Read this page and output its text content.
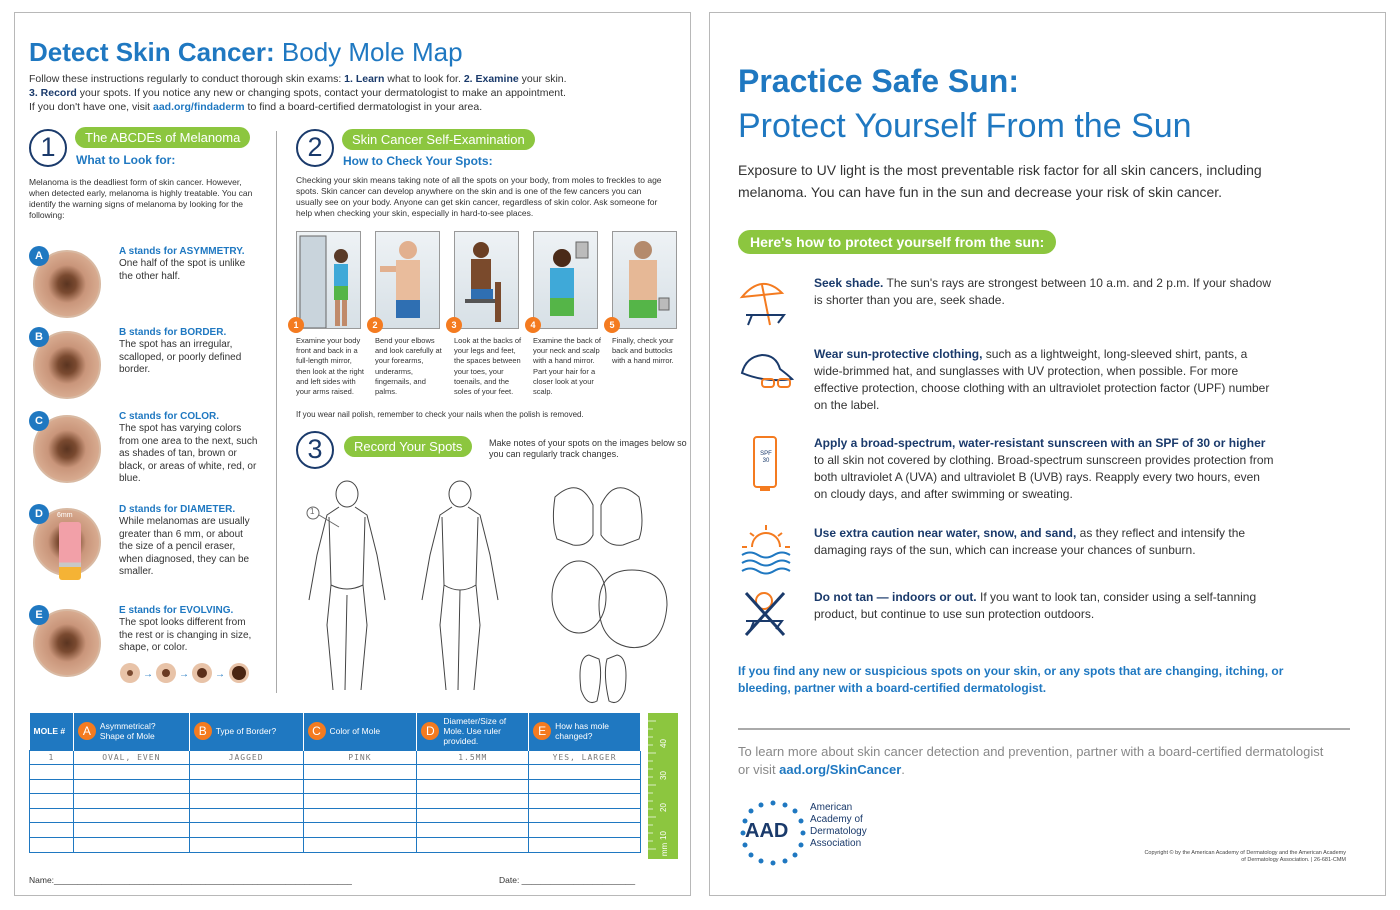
Detect Skin Cancer: Body Mole Map
Follow these instructions regularly to conduct thorough skin exams: 1. Learn what to look for. 2. Examine your skin.
3. Record your spots. If you notice any new or changing spots, contact your dermatologist to make an appointment.
If you don't have one, visit aad.org/findaderm to find a board-certified dermatologist in your area.
1	The ABCDEs of Melanoma
What to Look for:
Melanoma is the deadliest form of skin cancer. However, when detected early, melanoma is highly treatable. You can identify the warning signs of melanoma by looking for the following:
A	A stands for ASYMMETRY.
One half of the spot is unlike the other half.
B	B stands for BORDER.
The spot has an irregular, scalloped, or poorly defined border.
C	C stands for COLOR.
The spot has varying colors from one area to the next, such as shades of tan, brown or black, or areas of white, red, or blue.
6mm
D	D stands for DIAMETER.
While melanomas are usually greater than 6 mm, or about the size of a pencil eraser, when diagnosed, they can be smaller.
E	E stands for EVOLVING.
The spot looks different from the rest or is changing in size, shape, or color.
→	→	→
2	Skin Cancer Self-Examination
How to Check Your Spots:
Checking your skin means taking note of all the spots on your body, from moles to freckles to age spots. Skin cancer can develop anywhere on the skin and is one of the few cancers you can usually see on your body. Anyone can get skin cancer, regardless of skin color. Ask someone for help when checking your skin, especially in hard-to-see places.
1	2	3	4	5
Examine your body front and back in a full-length mirror, then look at the right and left sides with your arms raised.
Bend your elbows and look carefully at your forearms, underarms, fingernails, and palms.
Look at the backs of your legs and feet, the spaces between your toes, your toenails, and the soles of your feet.
Examine the back of your neck and scalp with a hand mirror. Part your hair for a closer look at your scalp.
Finally, check your back and buttocks with a hand mirror.
If you wear nail polish, remember to check your nails when the polish is removed.
3	Record Your Spots	Make notes of your spots on the images below so you can regularly track changes.
1
MOLE #	A Asymmetrical? Shape of Mole	B Type of Border?	C Color of Mole	DDiameter/Size of Mole. Use ruler provided.	E How has mole changed?
1	OVAL, EVEN	JAGGED	PINK	1.5MM	YES, LARGER

40
30
20
10
mm
Name:_______________________________________________________________	Date: ________________________
Practice Safe Sun:
Protect Yourself From the Sun
Exposure to UV light is the most preventable risk factor for all skin cancers, including melanoma. You can have fun in the sun and decrease your risk of skin cancer.
Here's how to protect yourself from the sun:
Seek shade. The sun's rays are strongest between 10 a.m. and 2 p.m. If your shadow is shorter than you are, seek shade.
Wear sun-protective clothing, such as a lightweight, long-sleeved shirt, pants, a wide-brimmed hat, and sunglasses with UV protection, when possible. For more effective protection, choose clothing with an ultraviolet protection factor (UPF) number on the label.
SPF 30
Apply a broad-spectrum, water-resistant sunscreen with an SPF of 30 or higher to all skin not covered by clothing. Broad-spectrum sunscreen provides protection from both ultraviolet A (UVA) and ultraviolet B (UVB) rays. Reapply every two hours, even on cloudy days, and after swimming or sweating.
Use extra caution near water, snow, and sand, as they reflect and intensify the damaging rays of the sun, which can increase your chances of sunburn.
Do not tan — indoors or out. If you want to look tan, consider using a self-tanning product, but continue to use sun protection outdoors.
If you find any new or suspicious spots on your skin, or any spots that are changing, itching, or bleeding, partner with a board-certified dermatologist.
To learn more about skin cancer detection and prevention, partner with a board-certified dermatologist or visit aad.org/SkinCancer.
AAD
American
Academy of
Dermatology
Association
Copyright © by the American Academy of Dermatology and the American Academy of Dermatology Association. | 26-681-CMM
